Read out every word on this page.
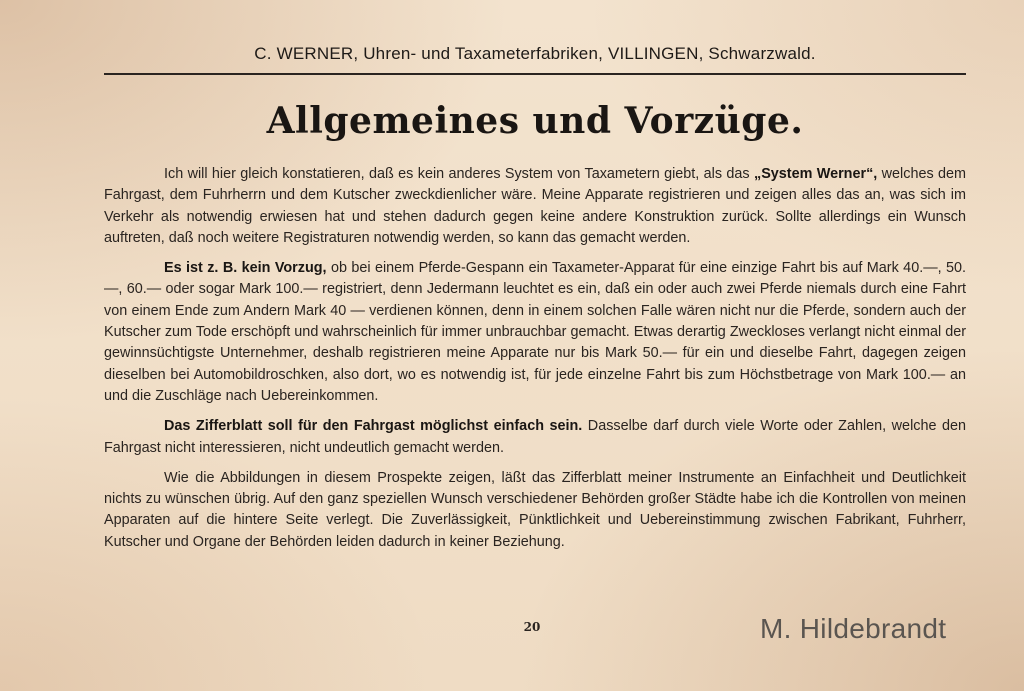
C. WERNER, Uhren- und Taxameterfabriken, VILLINGEN, Schwarzwald.
Allgemeines und Vorzüge.

Ich will hier gleich konstatieren, daß es kein anderes System von Taxametern giebt, als das „System Werner“, welches dem Fahrgast, dem Fuhrherrn und dem Kutscher zweckdienlicher wäre. Meine Apparate registrieren und zeigen alles das an, was sich im Verkehr als notwendig erwiesen hat und stehen dadurch gegen keine andere Konstruktion zurück. Sollte allerdings ein Wunsch auftreten, daß noch weitere Registraturen notwendig werden, so kann das gemacht werden.

Es ist z. B. kein Vorzug, ob bei einem Pferde-Gespann ein Taxameter-Apparat für eine einzige Fahrt bis auf Mark 40.—, 50.—, 60.— oder sogar Mark 100.— registriert, denn Jedermann leuchtet es ein, daß ein oder auch zwei Pferde niemals durch eine Fahrt von einem Ende zum Andern Mark 40 — verdienen können, denn in einem solchen Falle wären nicht nur die Pferde, sondern auch der Kutscher zum Tode erschöpft und wahrscheinlich für immer unbrauchbar gemacht. Etwas derartig Zweckloses verlangt nicht einmal der gewinnsüchtigste Unternehmer, deshalb registrieren meine Apparate nur bis Mark 50.— für ein und dieselbe Fahrt, dagegen zeigen dieselben bei Automobildroschken, also dort, wo es notwendig ist, für jede einzelne Fahrt bis zum Höchstbetrage von Mark 100.— an und die Zuschläge nach Uebereinkommen.

Das Zifferblatt soll für den Fahrgast möglichst einfach sein. Dasselbe darf durch viele Worte oder Zahlen, welche den Fahrgast nicht interessieren, nicht undeutlich gemacht werden.

Wie die Abbildungen in diesem Prospekte zeigen, läßt das Zifferblatt meiner Instrumente an Einfachheit und Deutlichkeit nichts zu wünschen übrig. Auf den ganz speziellen Wunsch verschiedener Behörden großer Städte habe ich die Kontrollen von meinen Apparaten auf die hintere Seite verlegt. Die Zuverlässigkeit, Pünktlichkeit und Uebereinstimmung zwischen Fabrikant, Fuhrherr, Kutscher und Organe der Behörden leiden dadurch in keiner Beziehung.

20	M. Hildebrandt
